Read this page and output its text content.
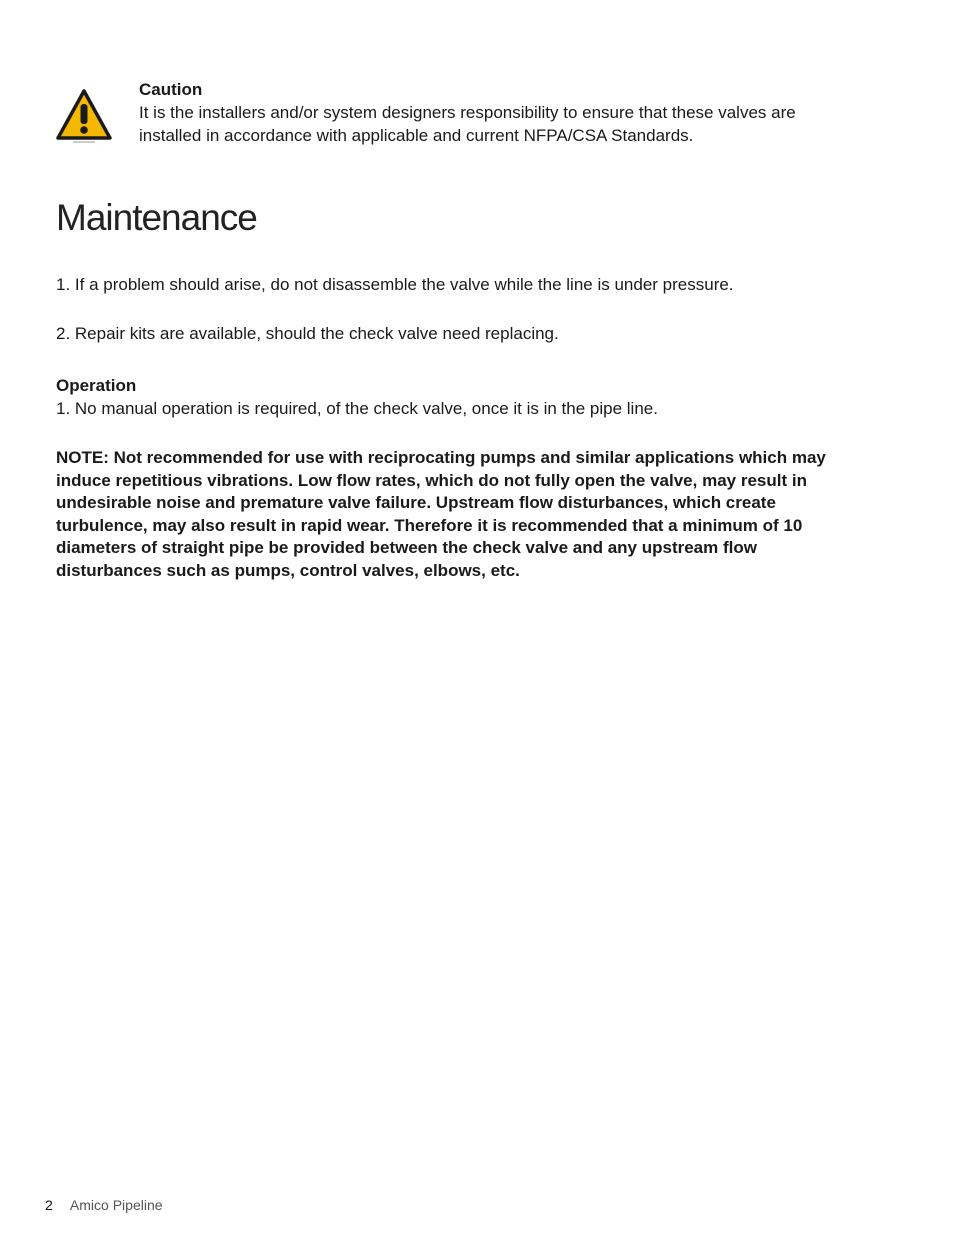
Caution
It is the installers and/or system designers responsibility to ensure that these valves are installed in accordance with applicable and current NFPA/CSA Standards.
Maintenance

1. If a problem should arise, do not disassemble the valve while the line is under pressure.

2. Repair kits are available, should the check valve need replacing.

Operation
1. No manual operation is required, of the check valve, once it is in the pipe line.

NOTE: Not recommended for use with reciprocating pumps and similar applications which may induce repetitious vibrations. Low flow rates, which do not fully open the valve, may result in undesirable noise and premature valve failure. Upstream flow disturbances, which create turbulence, may also result in rapid wear. Therefore it is recommended that a minimum of 10 diameters of straight pipe be provided between the check valve and any upstream flow disturbances such as pumps, control valves, elbows, etc.

2 Amico Pipeline
